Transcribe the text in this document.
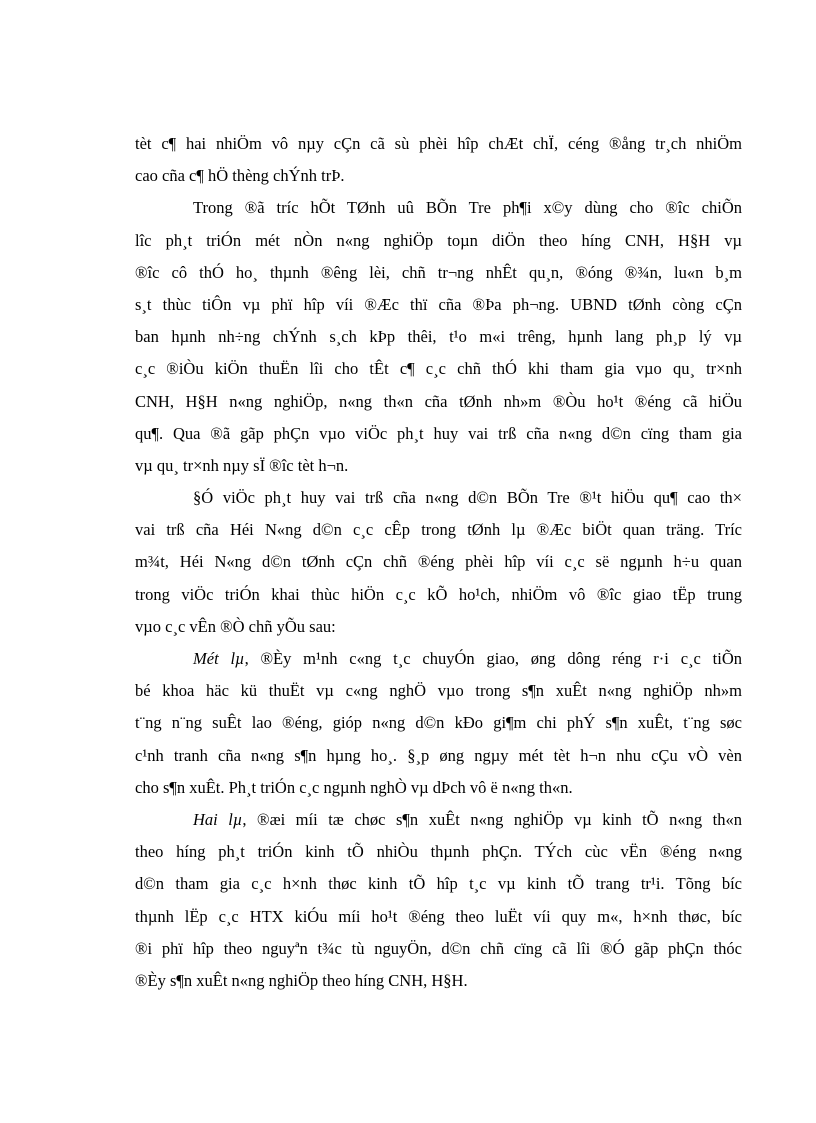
tèt c¶ hai nhiÖm vô nµy cÇn cã sù phèi hîp chÆt chÏ, céng ®ång tr¸ch nhiÖm
cao cña c¶ hÖ thèng chÝnh trÞ.
Trong ®ã tríc hÕt TØnh uû BÕn Tre ph¶i x©y dùng cho ®îc chiÕn
lîc ph¸t triÓn mét nÒn n«ng nghiÖp toµn diÖn theo híng CNH, H§H vµ
®îc cô thÓ ho¸ thµnh ®êng lèi, chñ tr¬ng nhÊt qu¸n, ®óng ®¾n, lu«n b¸m
s¸t thùc tiÔn vµ phï hîp víi ®Æc thï cña ®Þa ph¬ng. UBND tØnh còng cÇn
ban hµnh nh÷ng chÝnh s¸ch kÞp thêi, t¹o m«i trêng, hµnh lang ph¸p lý vµ
c¸c ®iÒu kiÖn thuËn lîi cho tÊt c¶ c¸c chñ thÓ khi tham gia vµo qu¸ tr×nh
CNH, H§H n«ng nghiÖp, n«ng th«n cña tØnh nh»m ®Òu ho¹t ®éng cã hiÖu
qu¶. Qua ®ã gãp phÇn vµo viÖc ph¸t huy vai trß cña n«ng d©n cïng tham gia
vµ qu¸ tr×nh nµy sÏ ®îc tèt h¬n.
§Ó viÖc ph¸t huy vai trß cña n«ng d©n BÕn Tre ®¹t hiÖu qu¶ cao th×
vai trß cña Héi N«ng d©n c¸c cÊp trong tØnh lµ ®Æc biÖt quan träng. Tríc
m¾t, Héi N«ng d©n tØnh cÇn chñ ®éng phèi hîp víi c¸c së ngµnh h÷u quan
trong viÖc triÓn khai thùc hiÖn c¸c kÕ ho¹ch, nhiÖm vô ®îc giao tËp trung
vµo c¸c vÊn ®Ò chñ yÕu sau:
Mét lµ, ®Èy m¹nh c«ng t¸c chuyÓn giao, øng dông réng r·i c¸c tiÕn
bé khoa häc kü thuËt vµ c«ng nghÖ vµo trong s¶n xuÊt n«ng nghiÖp nh»m
t¨ng n¨ng suÊt lao ®éng, gióp n«ng d©n kÐo gi¶m chi phÝ s¶n xuÊt, t¨ng søc
c¹nh tranh cña n«ng s¶n hµng ho¸. §¸p øng ngµy mét tèt h¬n nhu cÇu vÒ vèn
cho s¶n xuÊt. Ph¸t triÓn c¸c ngµnh nghÒ vµ dÞch vô ë n«ng th«n.
Hai lµ, ®æi míi tæ chøc s¶n xuÊt n«ng nghiÖp vµ kinh tÕ n«ng th«n
theo híng ph¸t triÓn kinh tÕ nhiÒu thµnh phÇn. TÝch cùc vËn ®éng n«ng
d©n tham gia c¸c h×nh thøc kinh tÕ hîp t¸c vµ kinh tÕ trang tr¹i. Tõng bíc
thµnh lËp c¸c HTX kiÓu míi ho¹t ®éng theo luËt víi quy m«, h×nh thøc, bíc
®i phï hîp theo nguyªn t¾c tù nguyÖn, d©n chñ cïng cã lîi ®Ó gãp phÇn thóc
®Èy s¶n xuÊt n«ng nghiÖp theo híng CNH, H§H.
